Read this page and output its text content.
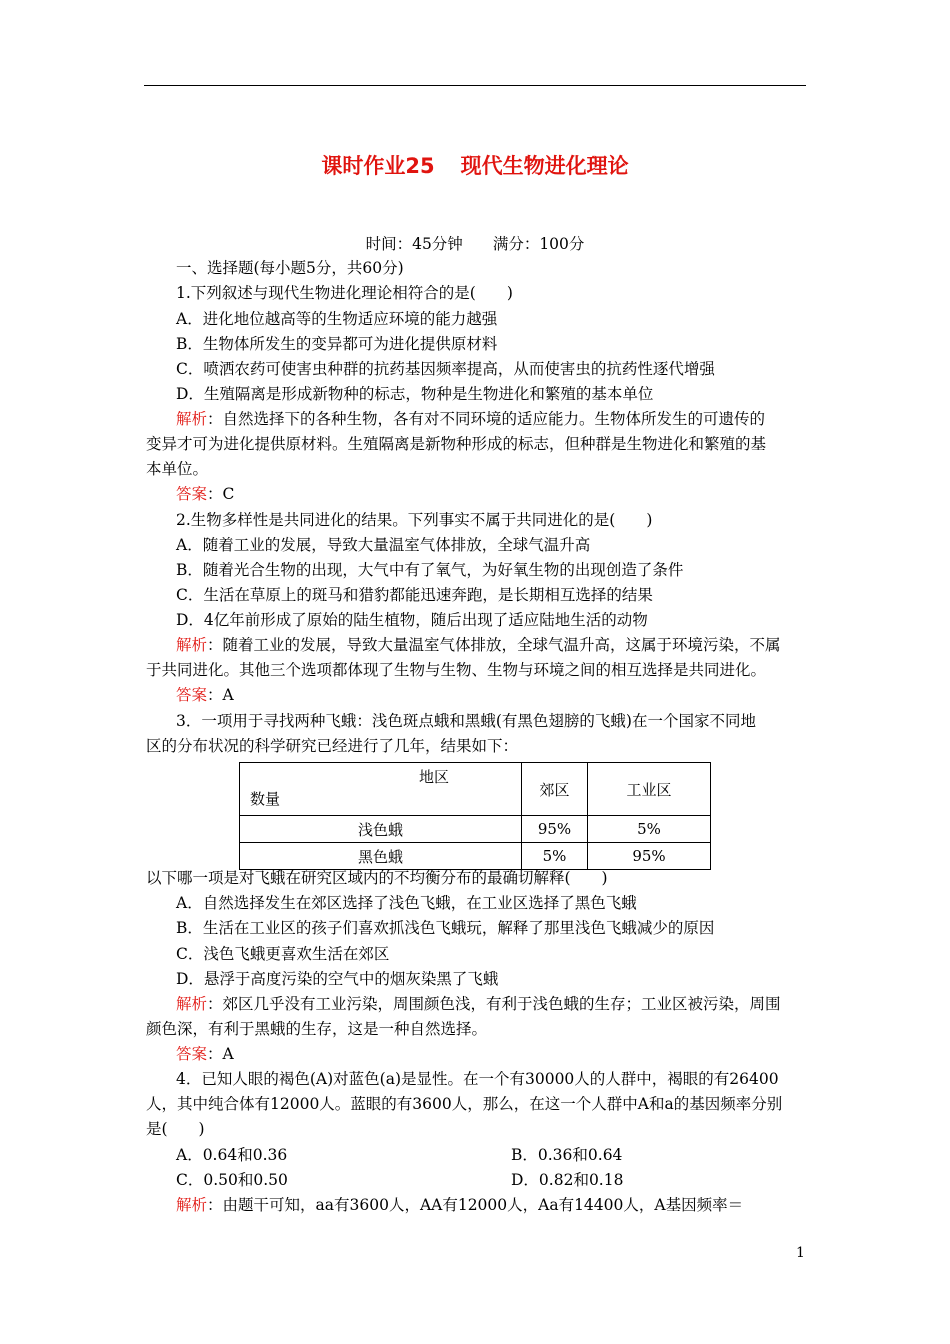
课时作业25 现代生物进化理论
时间：45分钟 满分：100分
一、选择题(每小题5分，共60分)
1.下列叙述与现代生物进化理论相符合的是(　　)
A．进化地位越高等的生物适应环境的能力越强
B．生物体所发生的变异都可为进化提供原材料
C．喷洒农药可使害虫种群的抗药基因频率提高，从而使害虫的抗药性逐代增强
D．生殖隔离是形成新物种的标志，物种是生物进化和繁殖的基本单位
解析：自然选择下的各种生物，各有对不同环境的适应能力。生物体所发生的可遗传的
变异才可为进化提供原材料。生殖隔离是新物种形成的标志，但种群是生物进化和繁殖的基
本单位。
答案：C
2.生物多样性是共同进化的结果。下列事实不属于共同进化的是(　　)
A．随着工业的发展，导致大量温室气体排放，全球气温升高
B．随着光合生物的出现，大气中有了氧气，为好氧生物的出现创造了条件
C．生活在草原上的斑马和猎豹都能迅速奔跑，是长期相互选择的结果
D．4亿年前形成了原始的陆生植物，随后出现了适应陆地生活的动物
解析：随着工业的发展，导致大量温室气体排放，全球气温升高，这属于环境污染，不属
于共同进化。其他三个选项都体现了生物与生物、生物与环境之间的相互选择是共同进化。
答案：A
3．一项用于寻找两种飞蛾：浅色斑点蛾和黑蛾(有黑色翅膀的飞蛾)在一个国家不同地
区的分布状况的科学研究已经进行了几年，结果如下：
地区
数量	郊区	工业区
浅色蛾	95%	5%
黑色蛾	5%	95%
以下哪一项是对飞蛾在研究区域内的不均衡分布的最确切解释(　　)
A．自然选择发生在郊区选择了浅色飞蛾，在工业区选择了黑色飞蛾
B．生活在工业区的孩子们喜欢抓浅色飞蛾玩，解释了那里浅色飞蛾减少的原因
C．浅色飞蛾更喜欢生活在郊区
D．悬浮于高度污染的空气中的烟灰染黑了飞蛾
解析：郊区几乎没有工业污染，周围颜色浅，有利于浅色蛾的生存；工业区被污染，周围
颜色深，有利于黑蛾的生存，这是一种自然选择。
答案：A
4．已知人眼的褐色(A)对蓝色(a)是显性。在一个有30000人的人群中，褐眼的有26400
人，其中纯合体有12000人。蓝眼的有3600人，那么，在这一个人群中A和a的基因频率分别
是(　　)
A．0.64和0.36	B．0.36和0.64
C．0.50和0.50	D．0.82和0.18
解析：由题干可知，aa有3600人，AA有12000人，Aa有14400人，A基因频率＝
1
